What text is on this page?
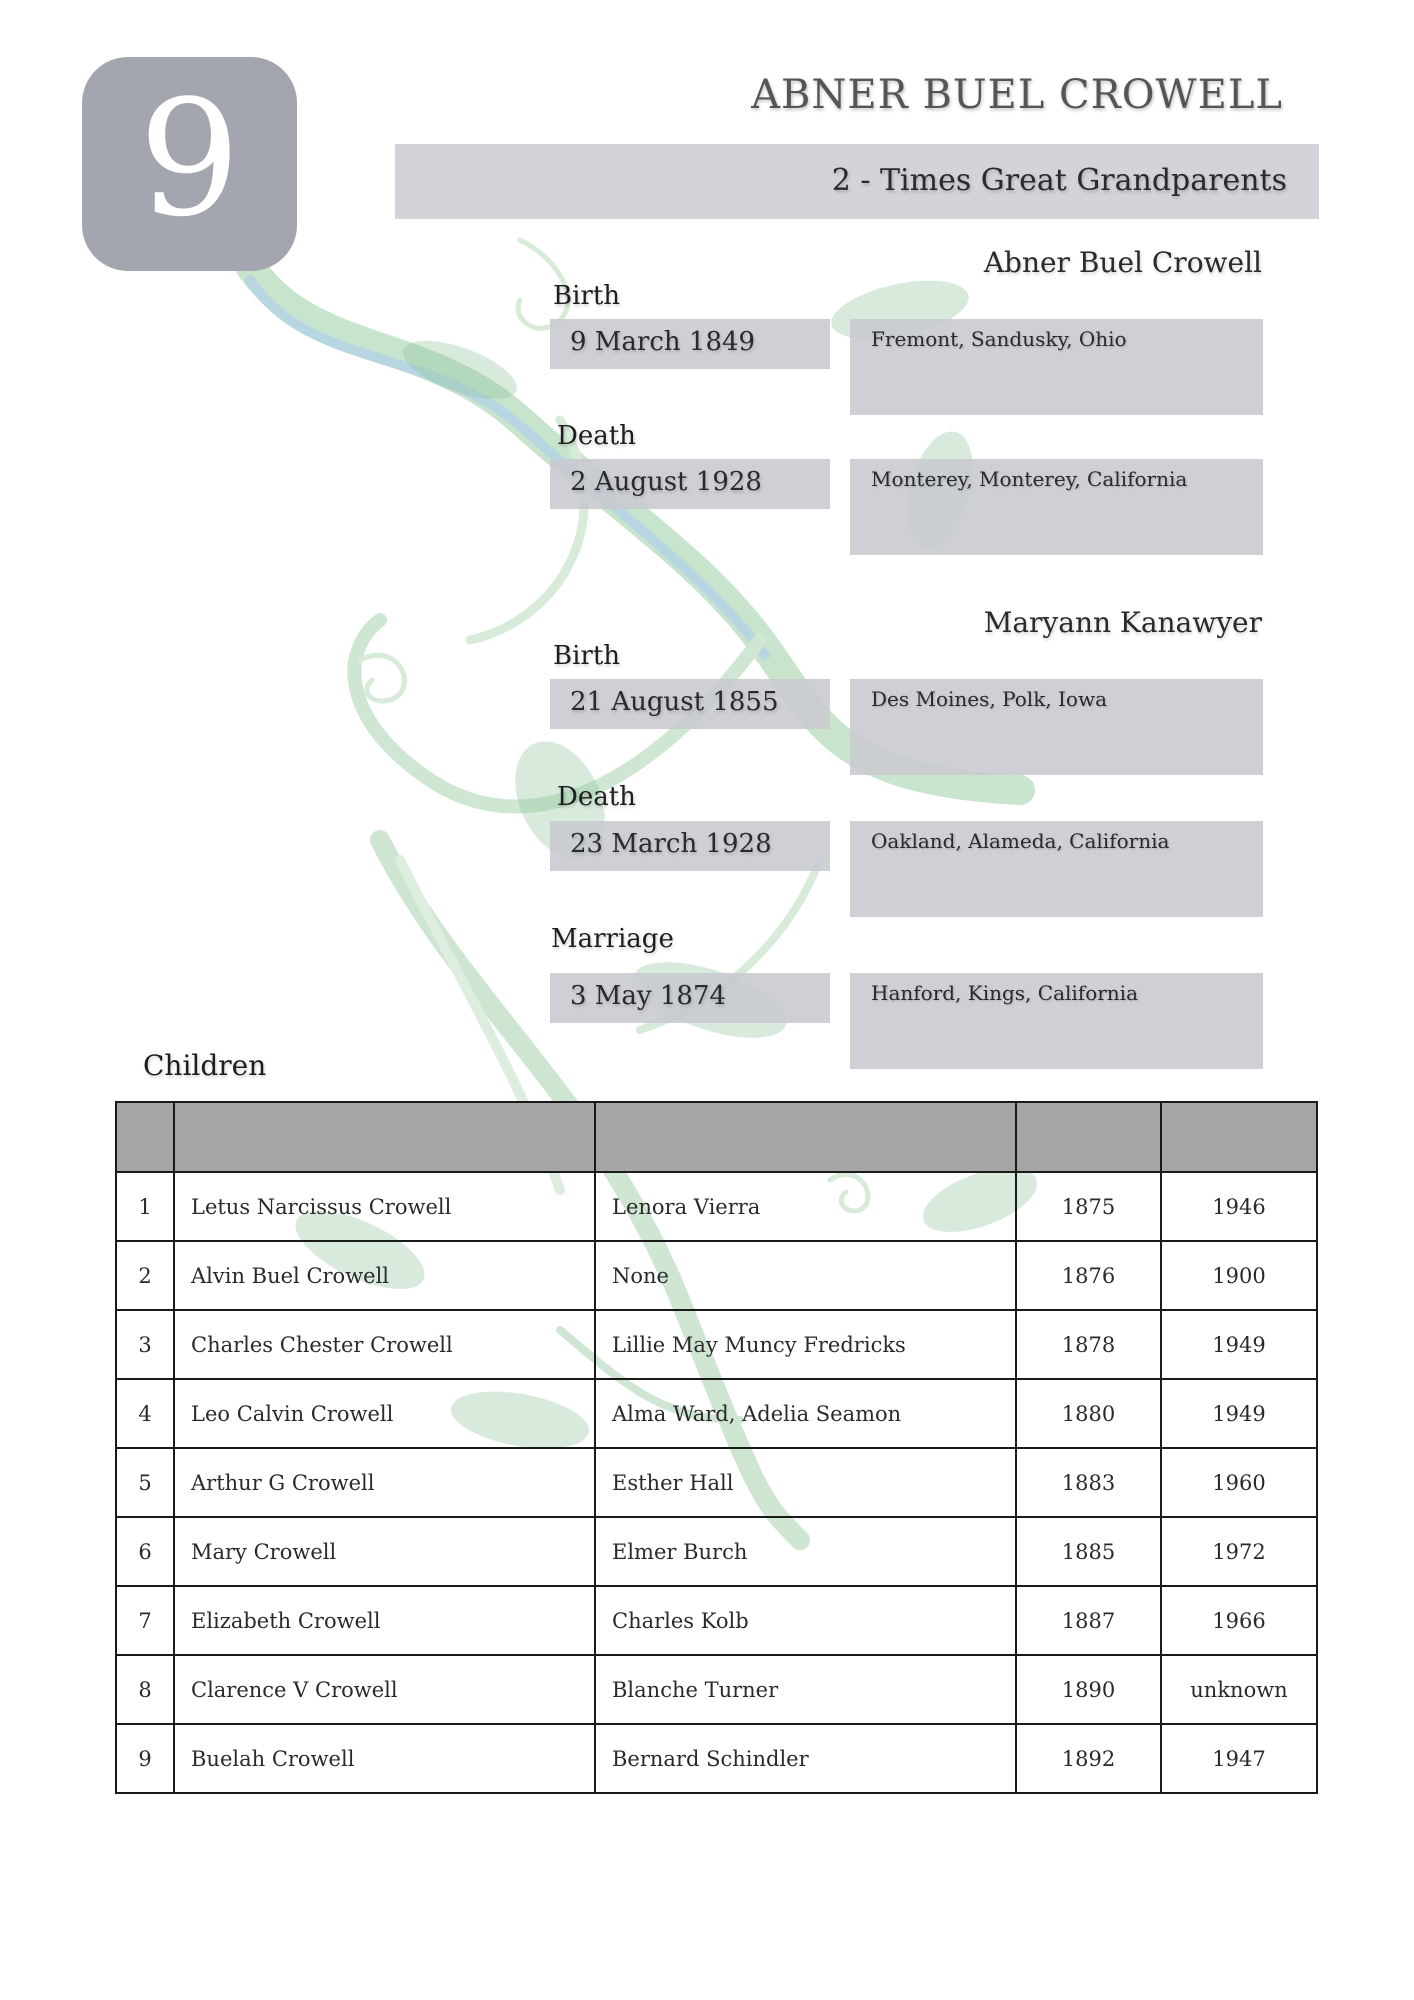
9	ABNER BUEL CROWELL
2 - Times Great Grandparents
Abner Buel Crowell
Birth
9 March 1849	Fremont, Sandusky, Ohio
Death
2 August 1928	Monterey, Monterey, California
Maryann Kanawyer
Birth
21 August 1855	Des Moines, Polk, Iowa
Death
23 March 1928	Oakland, Alameda, California
Marriage
3 May 1874	Hanford, Kings, California
Children

1	Letus Narcissus Crowell	Lenora Vierra	1875	1946
2	Alvin Buel Crowell	None	1876	1900
3	Charles Chester Crowell	Lillie May Muncy Fredricks	1878	1949
4	Leo Calvin Crowell	Alma Ward, Adelia Seamon	1880	1949
5	Arthur G Crowell	Esther Hall	1883	1960
6	Mary Crowell	Elmer Burch	1885	1972
7	Elizabeth Crowell	Charles Kolb	1887	1966
8	Clarence V Crowell	Blanche Turner	1890	unknown
9	Buelah Crowell	Bernard Schindler	1892	1947
